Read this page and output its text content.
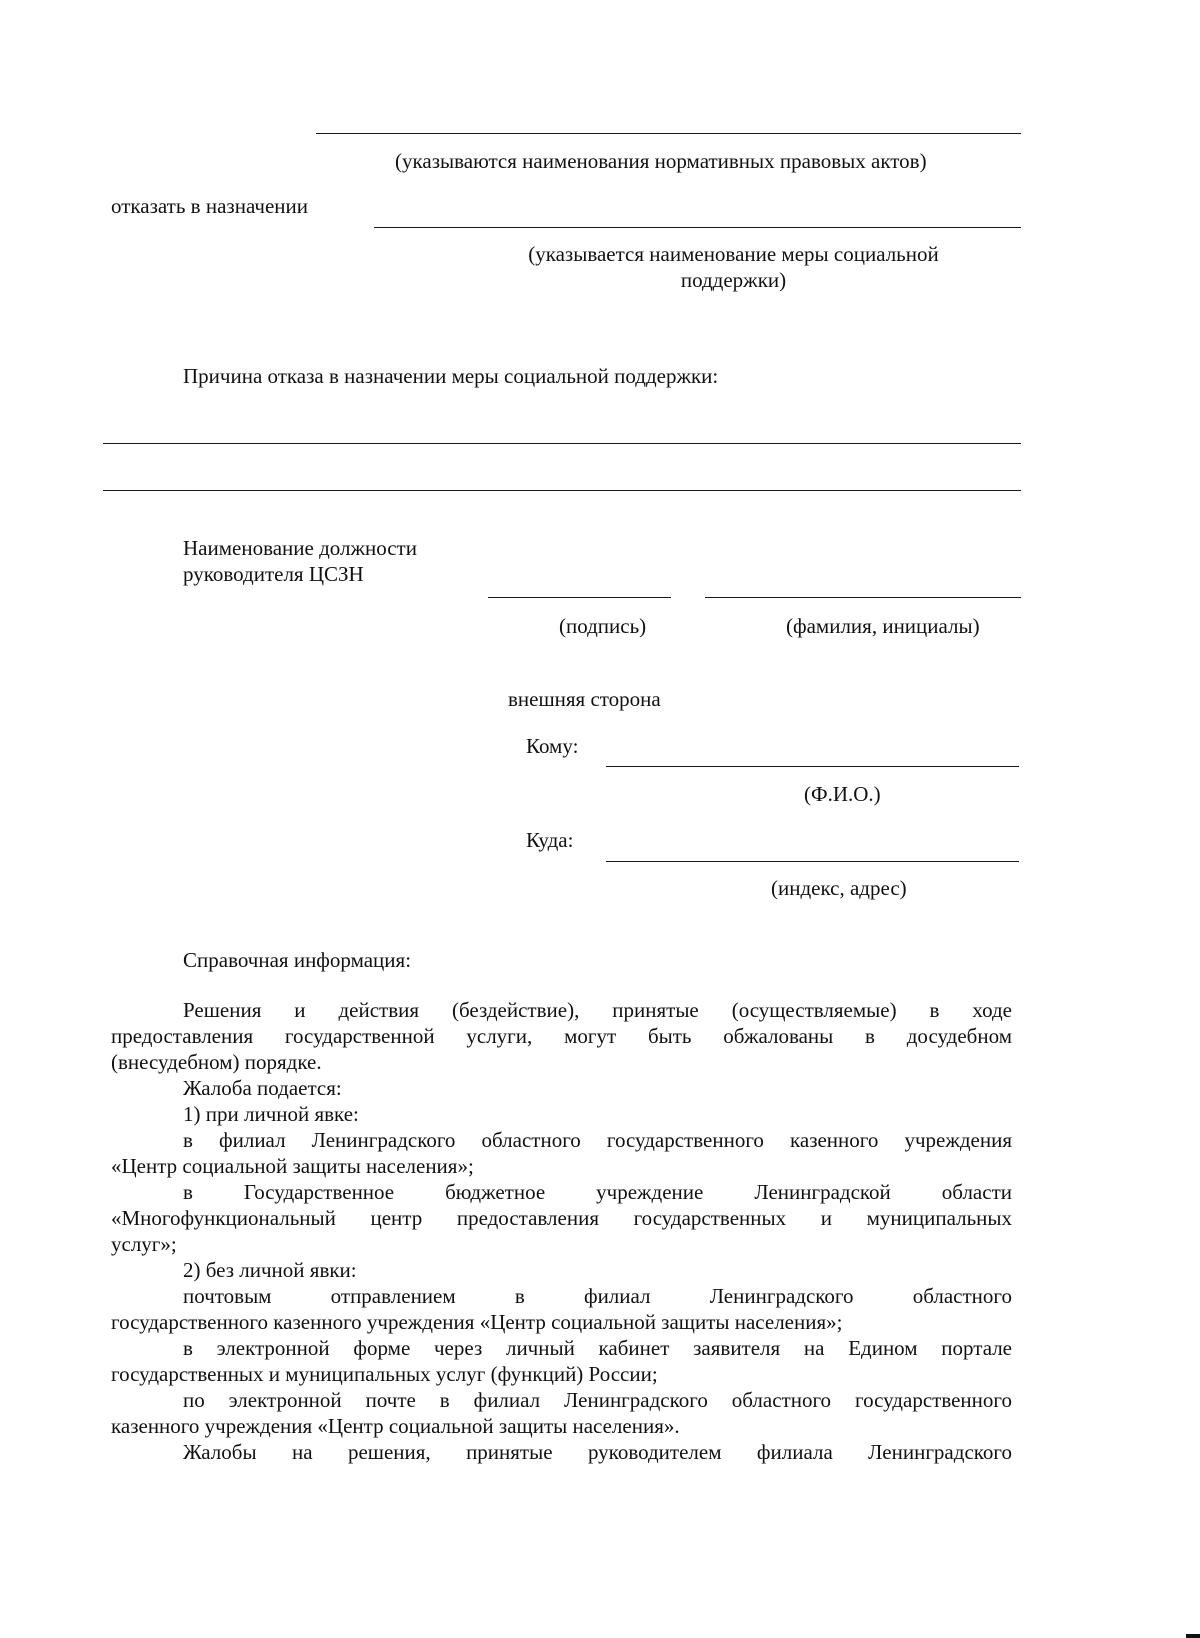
(указываются наименования нормативных правовых актов)
отказать в назначении
(указывается наименование меры социальной
поддержки)
Причина отказа в назначении меры социальной поддержки:
Наименование должности
руководителя ЦСЗН
(подпись)	(фамилия, инициалы)
внешняя сторона
Кому:
(Ф.И.О.)
Куда:
(индекс, адрес)
Справочная информация:

Решения и действия (бездействие), принятые (осуществляемые) в ходе

предоставления государственной услуги, могут быть обжалованы в досудебном

(внесудебном) порядке.

Жалоба подается:

1) при личной явке:

в филиал Ленинградского областного государственного казенного учреждения

«Центр социальной защиты населения»;

в Государственное бюджетное учреждение Ленинградской области

«Многофункциональный центр предоставления государственных и муниципальных

услуг»;

2) без личной явки:

почтовым отправлением в филиал Ленинградского областного

государственного казенного учреждения «Центр социальной защиты населения»;

в электронной форме через личный кабинет заявителя на Едином портале

государственных и муниципальных услуг (функций) России;

по электронной почте в филиал Ленинградского областного государственного

казенного учреждения «Центр социальной защиты населения».

Жалобы на решения, принятые руководителем филиала Ленинградского
